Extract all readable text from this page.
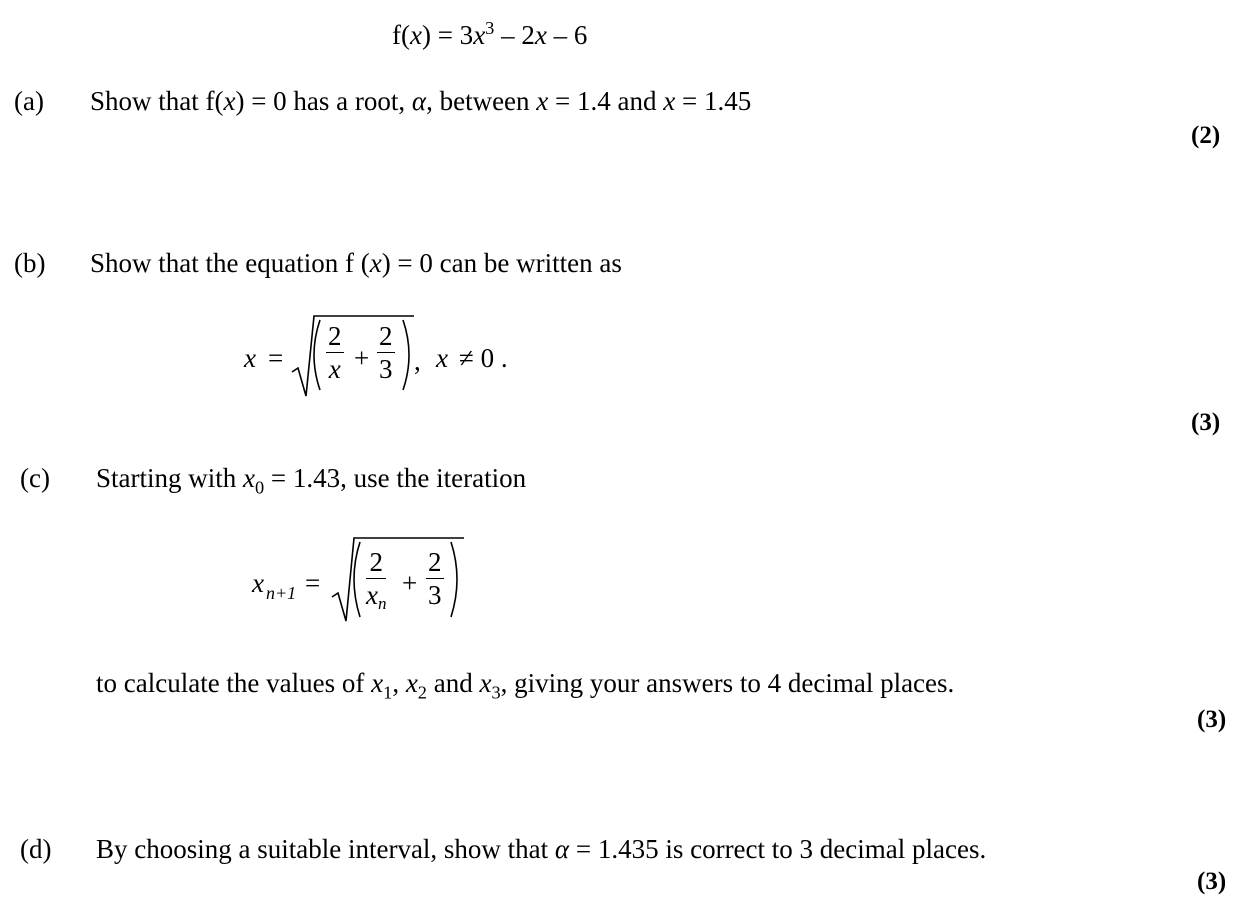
$f(x) = 3x^3 - 2x - 6$
(a) Show that f(x) = 0 has a root, α, between x = 1.4 and x = 1.45
(2)
(b) Show that the equation f (x) = 0 can be written as
$x = \frac{2}{x} + \frac{2}{3}$ , x ≠ 0 .
(3)
(c) Starting with $x_0 = 1.43$, use the iteration
x $n+1 = \frac{2}{xn} + \frac{2}{3}$
to calculate the values of $x_1$, $x_2$ and $x_3$, giving your answers to 4 decimal places.
(3)
(d) By choosing a suitable interval, show that α = 1.435 is correct to 3 decimal places.
(3)
